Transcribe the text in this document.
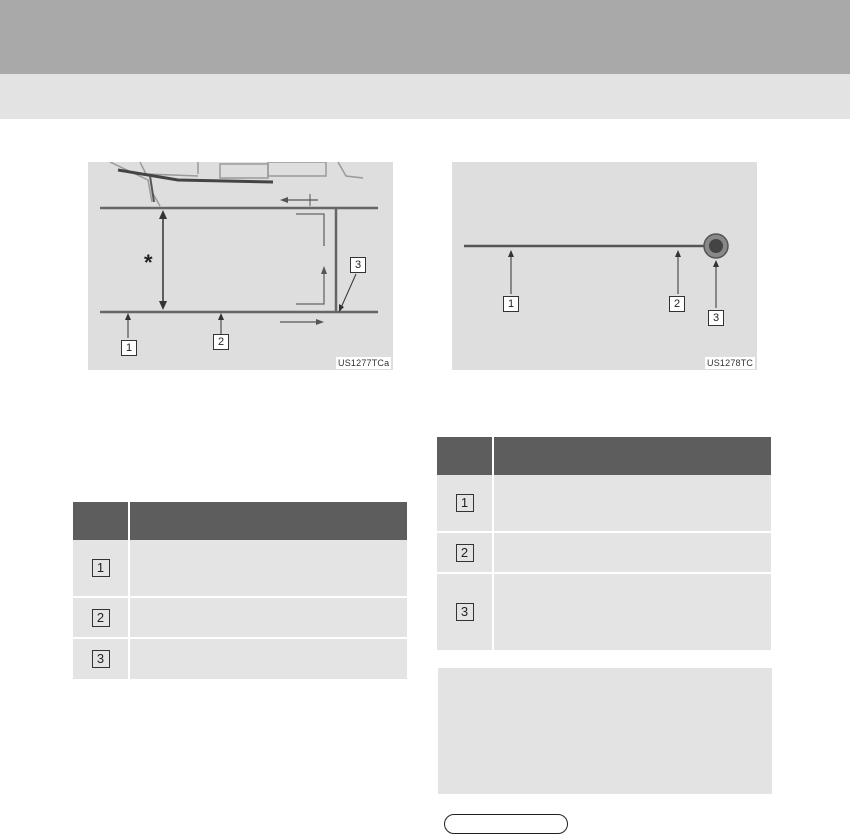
*
1	2
3
US1277TCa
1	2
3
US1278TC

1	
2	
3	

1	
2	
3	
